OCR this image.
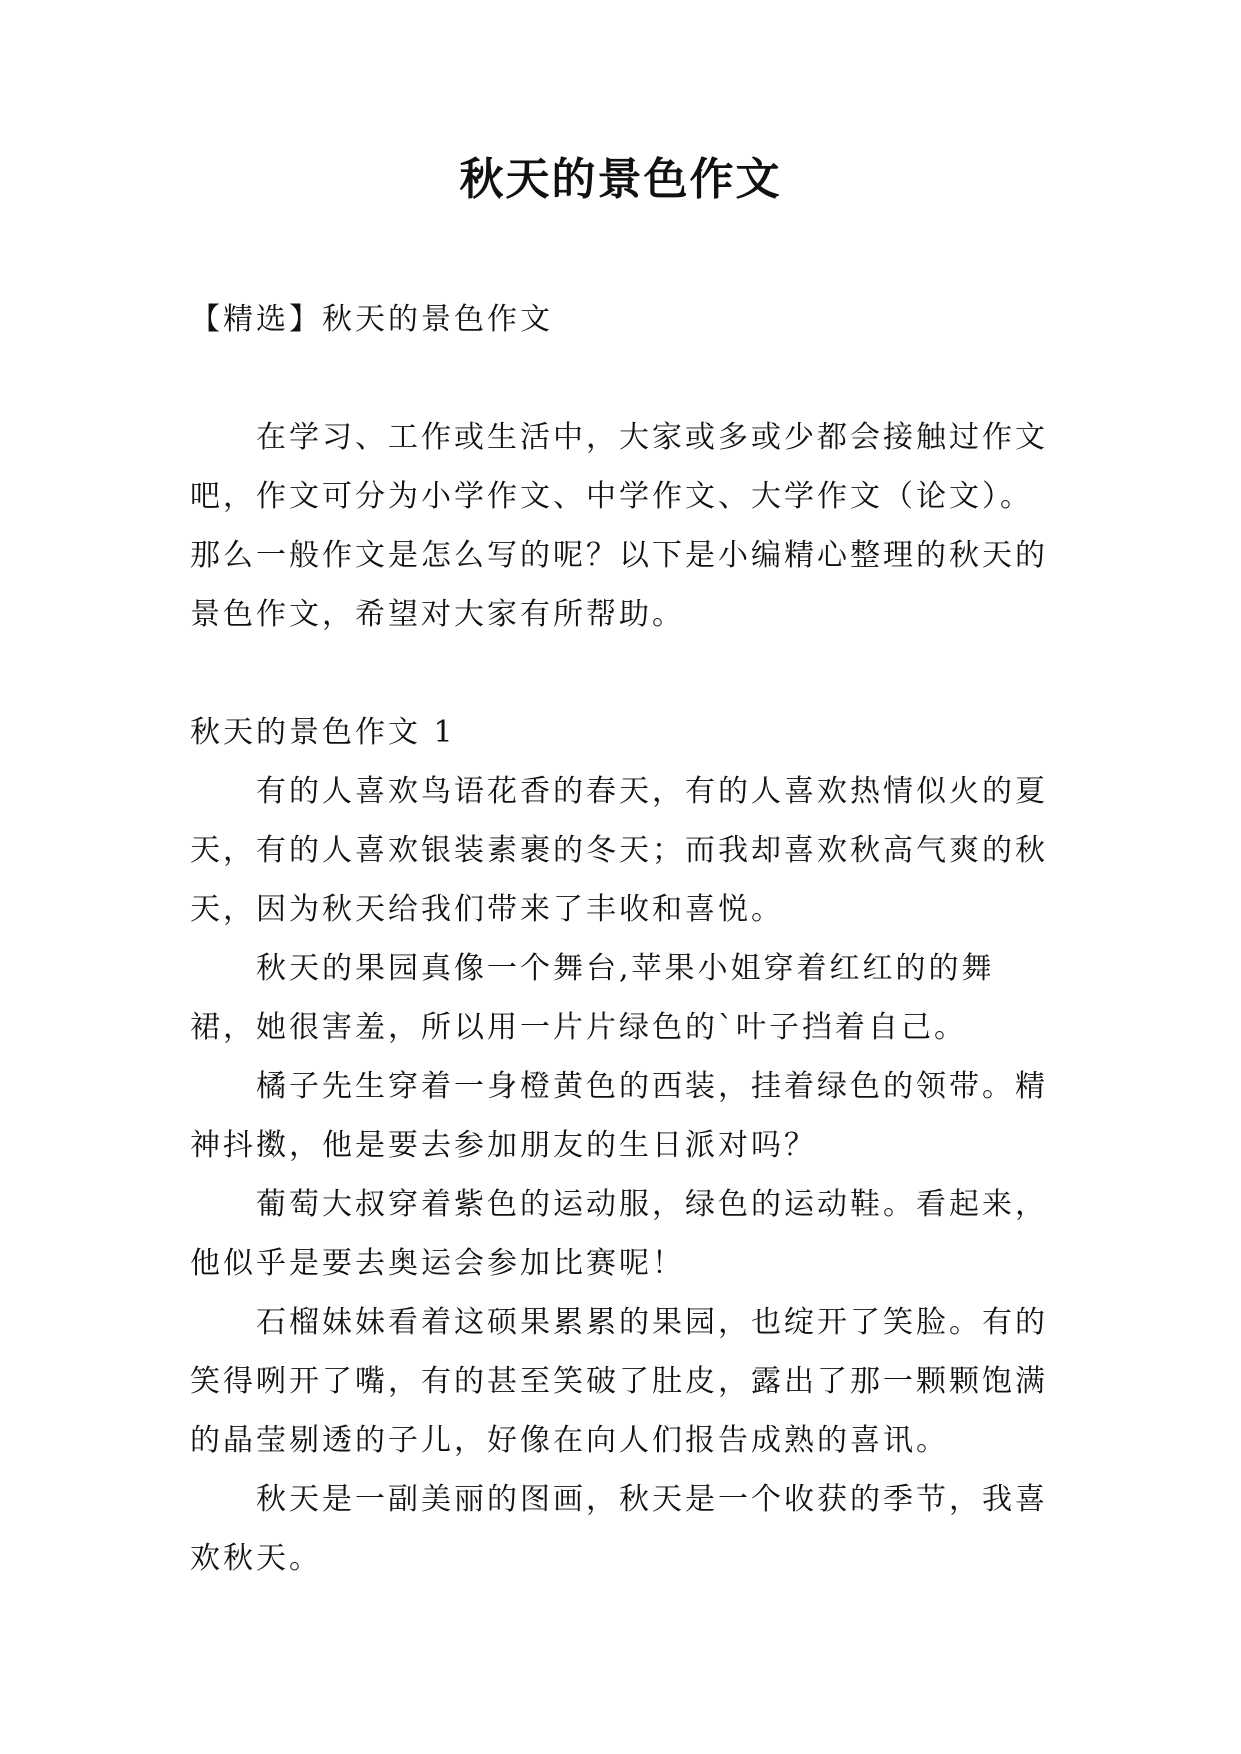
秋天的景色作文

【精选】秋天的景色作文

在学习、工作或生活中，大家或多或少都会接触过作文吧，作文可分为小学作文、中学作文、大学作文（论文）。那么一般作文是怎么写的呢？以下是小编精心整理的秋天的景色作文，希望对大家有所帮助。

秋天的景色作文 1

有的人喜欢鸟语花香的春天，有的人喜欢热情似火的夏天，有的人喜欢银装素裹的冬天；而我却喜欢秋高气爽的秋天，因为秋天给我们带来了丰收和喜悦。

秋天的果园真像一个舞台,苹果小姐穿着红红的的舞裙，她很害羞，所以用一片片绿色的`叶子挡着自己。

橘子先生穿着一身橙黄色的西装，挂着绿色的领带。精神抖擞，他是要去参加朋友的生日派对吗？

葡萄大叔穿着紫色的运动服，绿色的运动鞋。看起来，他似乎是要去奥运会参加比赛呢！

石榴妹妹看着这硕果累累的果园，也绽开了笑脸。有的笑得咧开了嘴，有的甚至笑破了肚皮，露出了那一颗颗饱满的晶莹剔透的子儿，好像在向人们报告成熟的喜讯。

秋天是一副美丽的图画，秋天是一个收获的季节，我喜欢秋天。
